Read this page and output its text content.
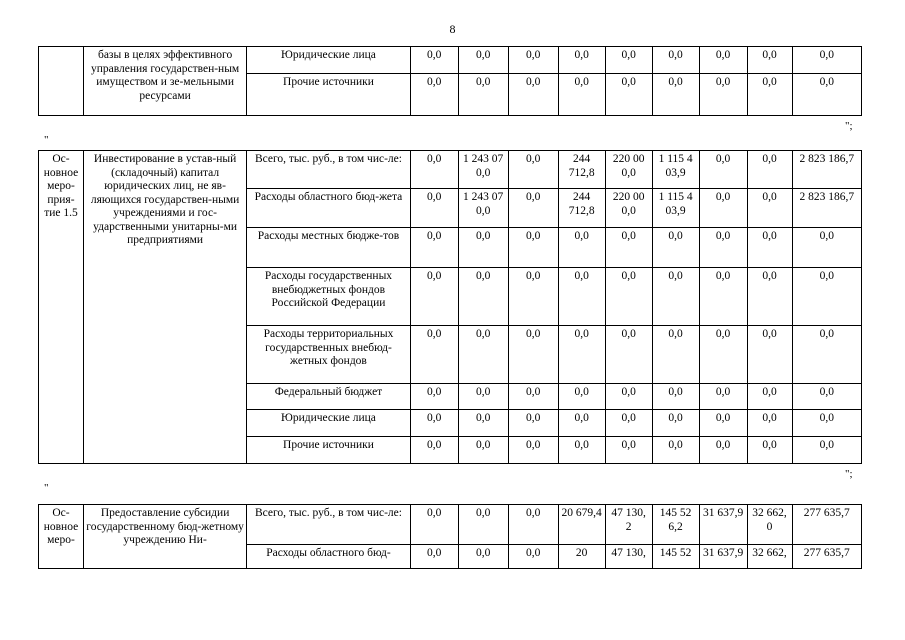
8
	базы в целях эффективного управления государствен-ным имуществом и зе-мельными ресурсами	Юридические лица	0,0	0,0	0,0	0,0	0,0	0,0	0,0	0,0	0,0
		Прочие источники	0,0	0,0	0,0	0,0	0,0	0,0	0,0	0,0	0,0
";
"
Ос-новное меро-прия-тие 1.5	Инвестирование в устав-ный (складочный) капитал юридических лиц, не яв-ляющихся государствен-ными учреждениями и гос-ударственными унитарны-ми предприятиями	Всего, тыс. руб., в том чис-ле:	0,0	1 243 07 0,0	0,0	244 712,8	220 00 0,0	1 115 4 03,9	0,0	0,0	2 823 186,7
		Расходы областного бюд-жета	0,0	1 243 07 0,0	0,0	244 712,8	220 00 0,0	1 115 4 03,9	0,0	0,0	2 823 186,7
		Расходы местных бюдже-тов	0,0	0,0	0,0	0,0	0,0	0,0	0,0	0,0	0,0
		Расходы государственных внебюджетных фондов Российской Федерации	0,0	0,0	0,0	0,0	0,0	0,0	0,0	0,0	0,0
		Расходы территориальных государственных внебюд-жетных фондов	0,0	0,0	0,0	0,0	0,0	0,0	0,0	0,0	0,0
		Федеральный бюджет	0,0	0,0	0,0	0,0	0,0	0,0	0,0	0,0	0,0
		Юридические лица	0,0	0,0	0,0	0,0	0,0	0,0	0,0	0,0	0,0
		Прочие источники	0,0	0,0	0,0	0,0	0,0	0,0	0,0	0,0	0,0
";
"
Ос-новное меро-	Предоставление субсидии государственному бюд-жетному учреждению Ни-	Всего, тыс. руб., в том чис-ле:	0,0	0,0	0,0	20 679,4	47 130, 2	145 52 6,2	31 637,9	32 662, 0	277 635,7
		Расходы областного бюд-	0,0	0,0	0,0	20	47 130,	145 52	31 637,9	32 662,	277 635,7
